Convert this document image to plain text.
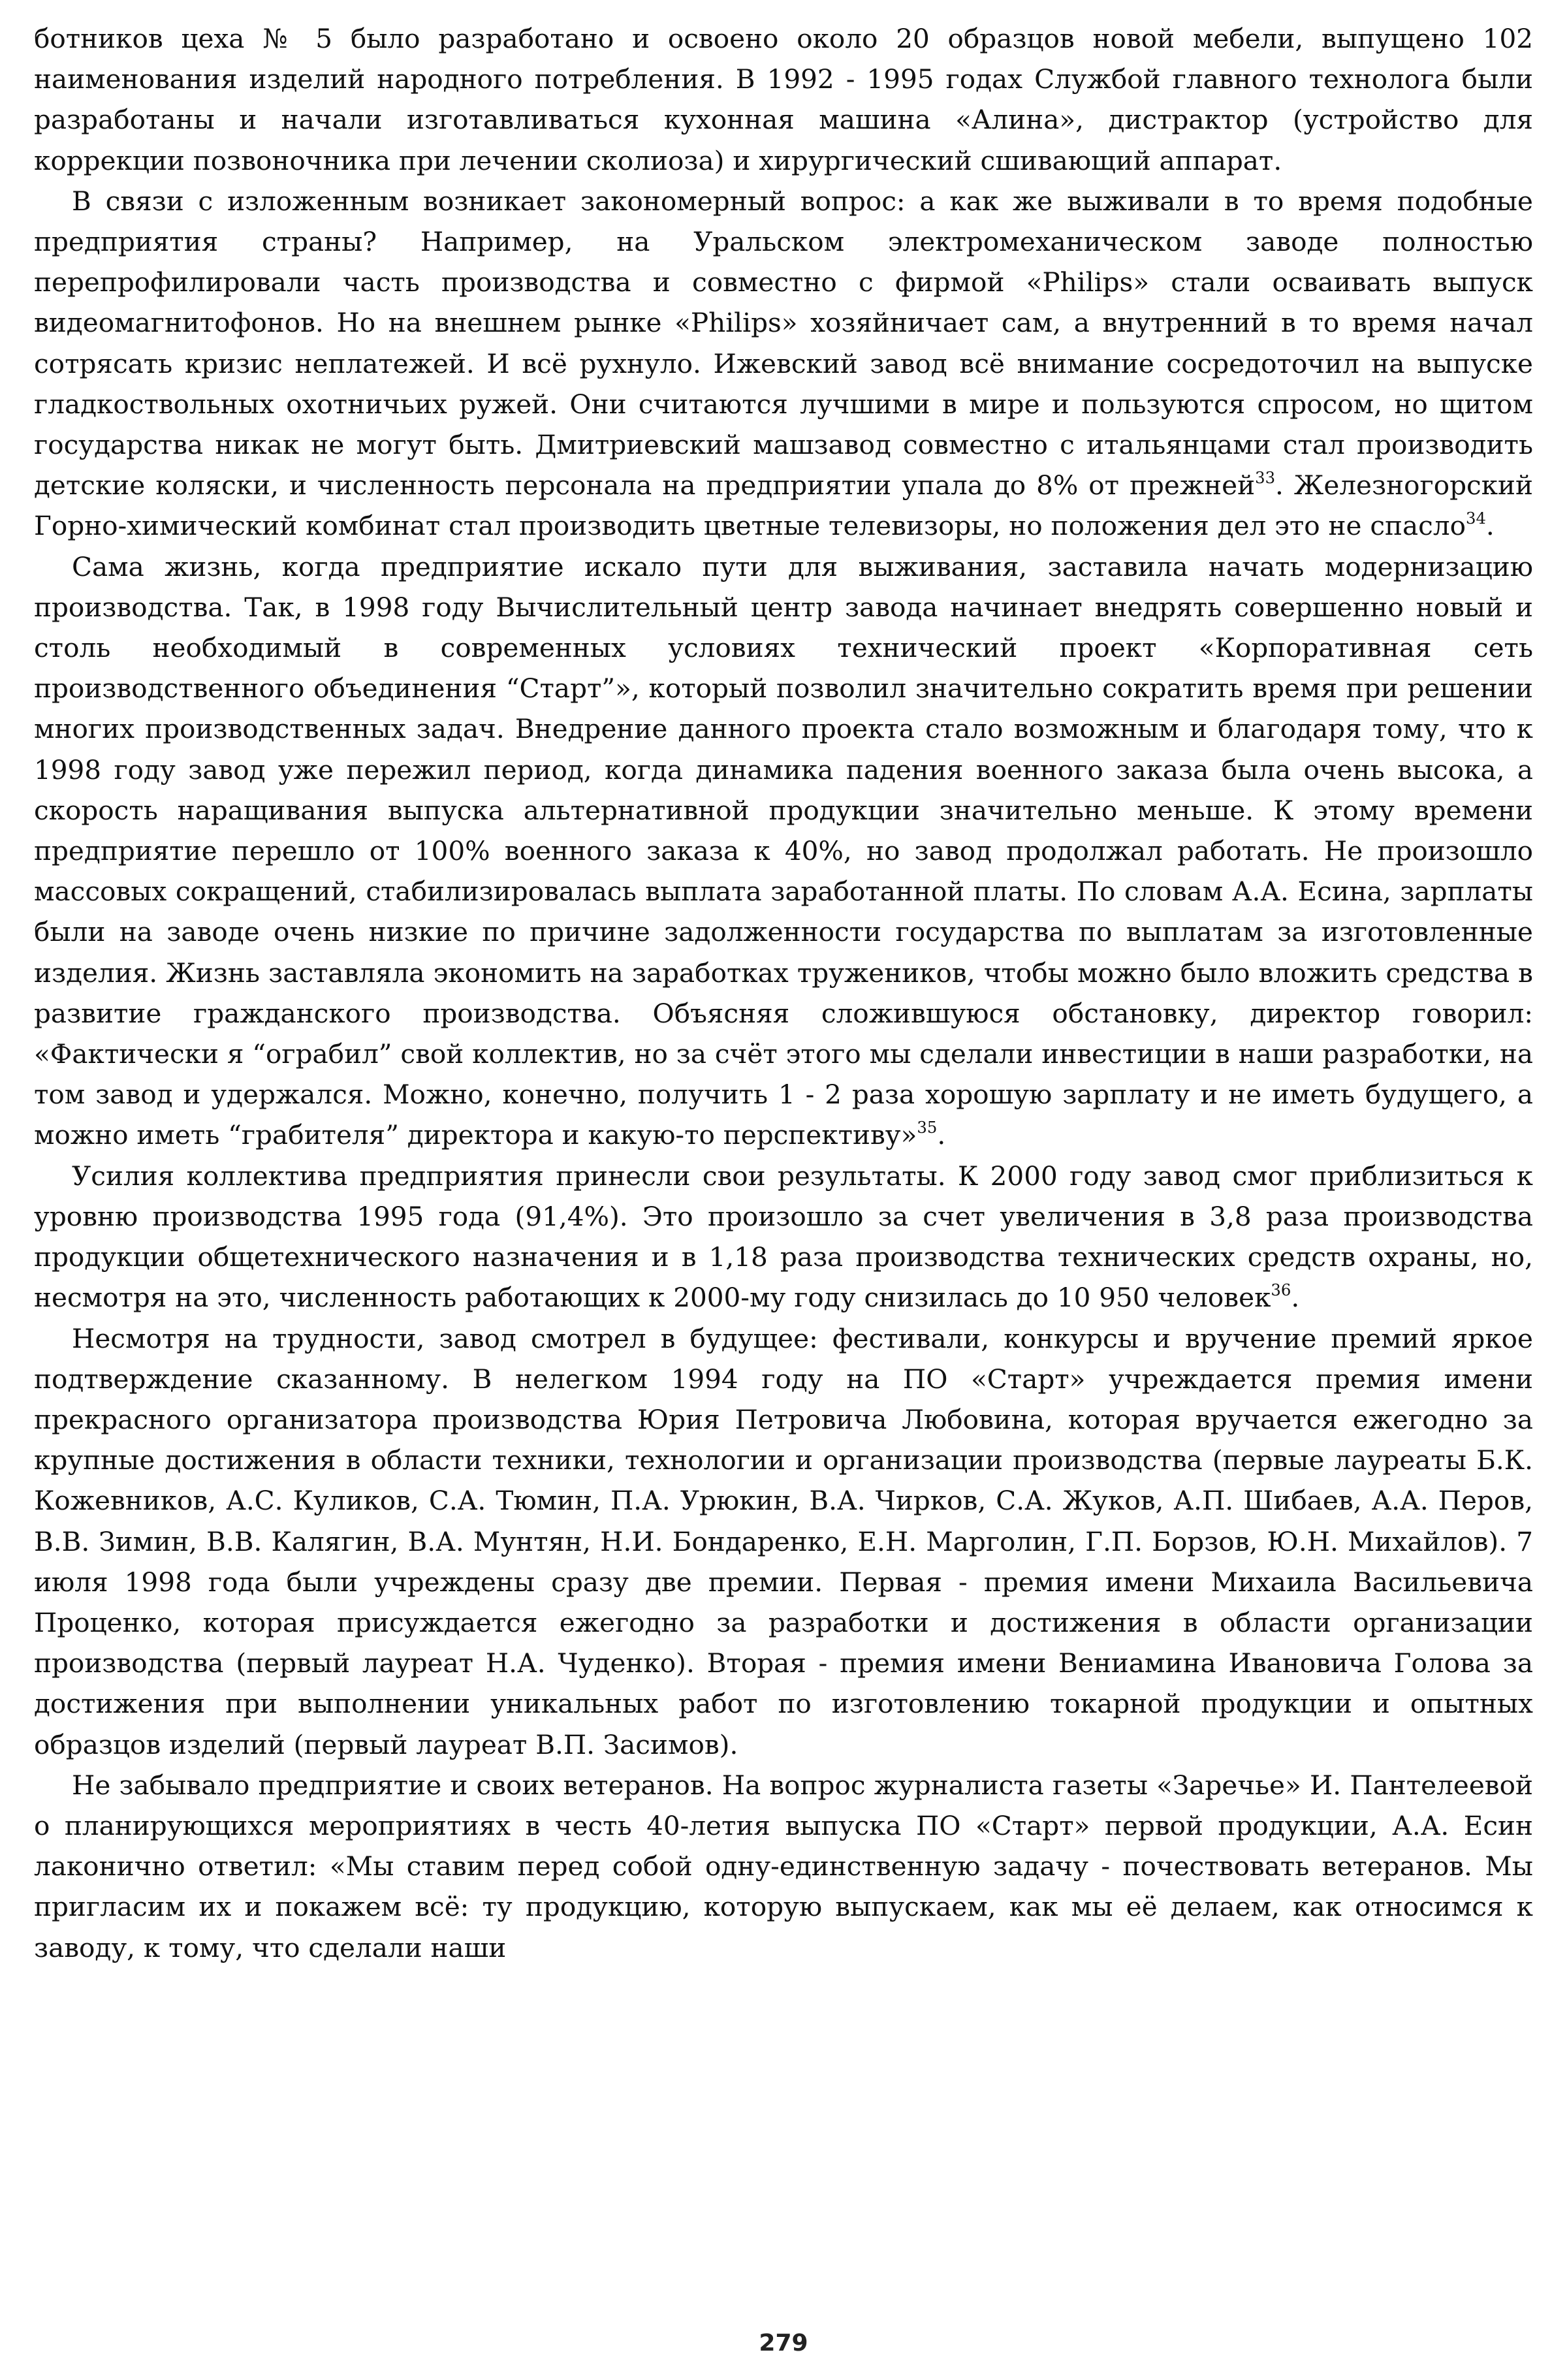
ботников цеха № 5 было разработано и освоено около 20 образцов новой мебели, выпущено 102 наименования изделий народного потребления. В 1992 - 1995 годах Службой главного технолога были разработаны и начали изготавливаться кухонная машина «Алина», дистрактор (устройство для коррекции позвоночника при лечении сколиоза) и хирургический сшивающий аппарат.

В связи с изложенным возникает закономерный вопрос: а как же выживали в то время подобные предприятия страны? Например, на Уральском электромеханическом заводе полностью перепрофилировали часть производства и совместно с фирмой «Philips» стали осваивать выпуск видеомагнитофонов. Но на внешнем рынке «Philips» хозяйничает сам, а внутренний в то время начал сотрясать кризис неплатежей. И всё рухнуло. Ижевский завод всё внимание сосредоточил на выпуске гладкоствольных охотничьих ружей. Они считаются лучшими в мире и пользуются спросом, но щитом государства никак не могут быть. Дмитриевский машзавод совместно с итальянцами стал производить детские коляски, и численность персонала на предприятии упала до 8% от прежней$^{33}$. Железногорский Горно-химический комбинат стал производить цветные телевизоры, но положения дел это не спасло$^{34}$.

Сама жизнь, когда предприятие искало пути для выживания, заставила начать модернизацию производства. Так, в 1998 году Вычислительный центр завода начинает внедрять совершенно новый и столь необходимый в современных условиях технический проект «Корпоративная сеть производственного объединения “Старт”», который позволил значительно сократить время при решении многих производственных задач. Внедрение данного проекта стало возможным и благодаря тому, что к 1998 году завод уже пережил период, когда динамика падения военного заказа была очень высока, а скорость наращивания выпуска альтернативной продукции значительно меньше. К этому времени предприятие перешло от 100% военного заказа к 40%, но завод продолжал работать. Не произошло массовых сокращений, стабилизировалась выплата заработанной платы. По словам А.А. Есина, зарплаты были на заводе очень низкие по причине задолженности государства по выплатам за изготовленные изделия. Жизнь заставляла экономить на заработках тружеников, чтобы можно было вложить средства в развитие гражданского производства. Объясняя сложившуюся обстановку, директор говорил: «Фактически я “ограбил” свой коллектив, но за счёт этого мы сделали инвестиции в наши разработки, на том завод и удержался. Можно, конечно, получить 1 - 2 раза хорошую зарплату и не иметь будущего, а можно иметь “грабителя” директора и какую-то перспективу»$^{35}$.

Усилия коллектива предприятия принесли свои результаты. К 2000 году завод смог приблизиться к уровню производства 1995 года (91,4%). Это произошло за счет увеличения в 3,8 раза производства продукции общетехнического назначения и в 1,18 раза производства технических средств охраны, но, несмотря на это, численность работающих к 2000-му году снизилась до 10 950 человек$^{36}$.

Несмотря на трудности, завод смотрел в будущее: фестивали, конкурсы и вручение премий яркое подтверждение сказанному. В нелегком 1994 году на ПО «Старт» учреждается премия имени прекрасного организатора производства Юрия Петровича Любовина, которая вручается ежегодно за крупные достижения в области техники, технологии и организации производства (первые лауреаты Б.К. Кожевников, А.С. Куликов, С.А. Тюмин, П.А. Урюкин, В.А. Чирков, С.А. Жуков, А.П. Шибаев, А.А. Перов, В.В. Зимин, В.В. Калягин, В.А. Мунтян, Н.И. Бондаренко, Е.Н. Марголин, Г.П. Борзов, Ю.Н. Михайлов). 7 июля 1998 года были учреждены сразу две премии. Первая - премия имени Михаила Васильевича Проценко, которая присуждается ежегодно за разработки и достижения в области организации производства (первый лауреат Н.А. Чуденко). Вторая - премия имени Вениамина Ивановича Голова за достижения при выполнении уникальных работ по изготовлению токарной продукции и опытных образцов изделий (первый лауреат В.П. Засимов).

Не забывало предприятие и своих ветеранов. На вопрос журналиста газеты «Заречье» И. Пантелеевой о планирующихся мероприятиях в честь 40-летия выпуска ПО «Старт» первой продукции, А.А. Есин лаконично ответил: «Мы ставим перед собой одну-единственную задачу - почествовать ветеранов. Мы пригласим их и покажем всё: ту продукцию, которую выпускаем, как мы её делаем, как относимся к заводу, к тому, что сделали наши

279
